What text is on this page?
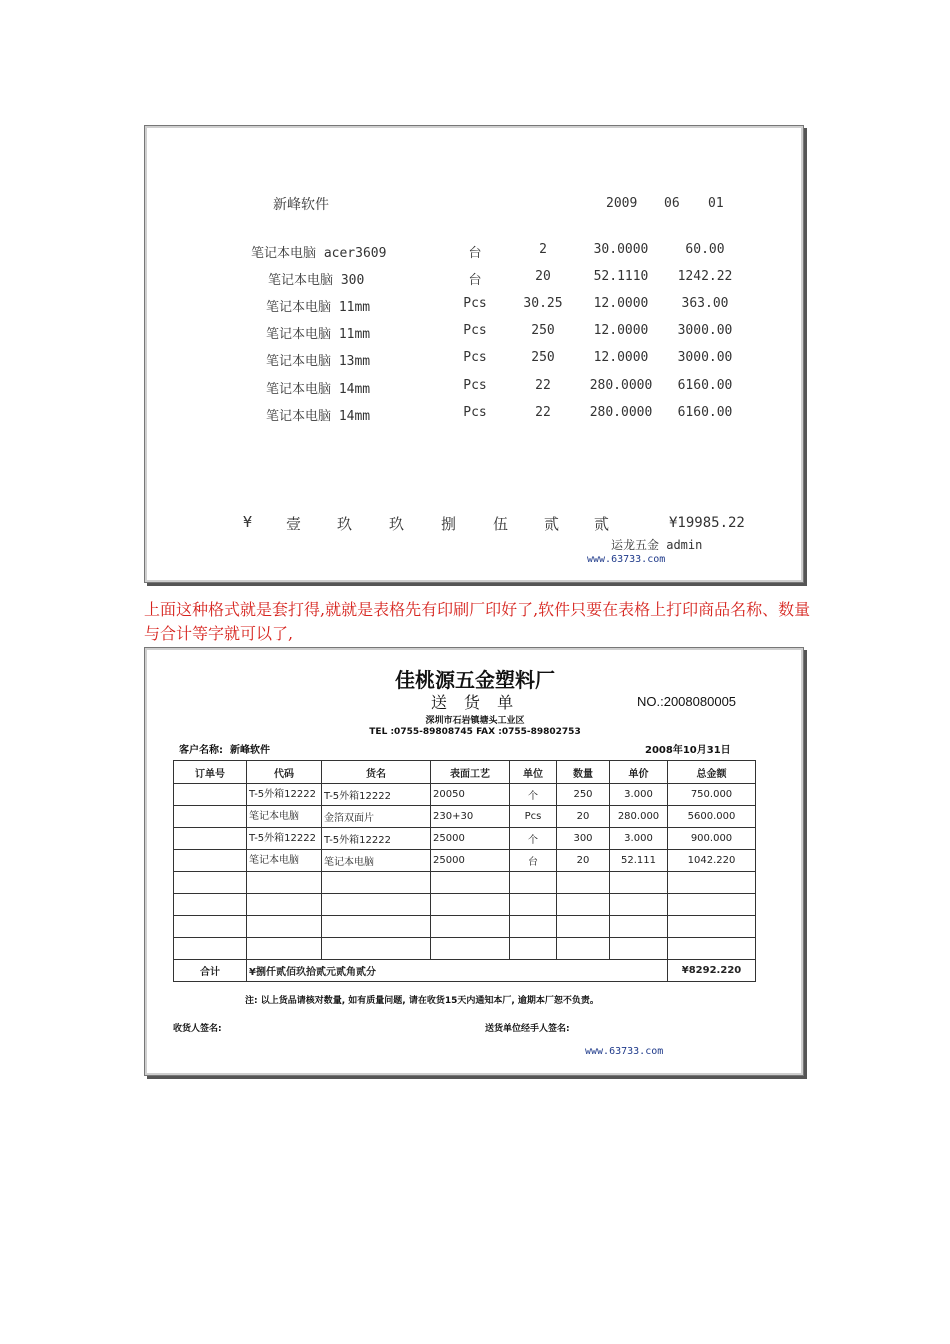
新峰软件	2009 06 01
笔记本电脑 acer3609	台	2	30.0000	60.00
笔记本电脑 300	台	20	52.1110 1242.22
笔记本电脑 11mm	Pcs	30.25 12.0000	363.00
笔记本电脑 11mm	Pcs	250	12.0000 3000.00
笔记本电脑 13mm	Pcs	250	12.0000 3000.00
笔记本电脑 14mm	Pcs	22	280.0000 6160.00
笔记本电脑 14mm	Pcs	22	280.0000 6160.00
¥ 壹 玖 玖 捌 伍 贰 贰	¥19985.22
运龙五金 admin
www.63733.com
上面这种格式就是套打得,就就是表格先有印刷厂印好了,软件只要在表格上打印商品名称、数量与合计等字就可以了,
佳桃源五金塑料厂
送 货 单	NO.:2008080005
深圳市石岩镇塘头工业区
TEL :0755-89808745 FAX :0755-89802753
客户名称: 新峰软件	2008年10月31日
订单号	代码	货名	表面工艺	单位	数量	单价	总金额
	T-5外箱12222	T-5外箱12222	20050	个	250	3.000	750.000
	笔记本电脑	金箔双面片	230+30	Pcs	20	280.000	5600.000
	T-5外箱12222	T-5外箱12222	25000	个	300	3.000	900.000
	笔记本电脑	笔记本电脑	25000	台	20	52.111	1042.220

合计	¥捌仟贰佰玖拾贰元贰角贰分						¥8292.220
注: 以上货品请核对数量, 如有质量问题, 请在收货15天内通知本厂, 逾期本厂恕不负责。
收货人签名:	送货单位经手人签名:
www.63733.com
